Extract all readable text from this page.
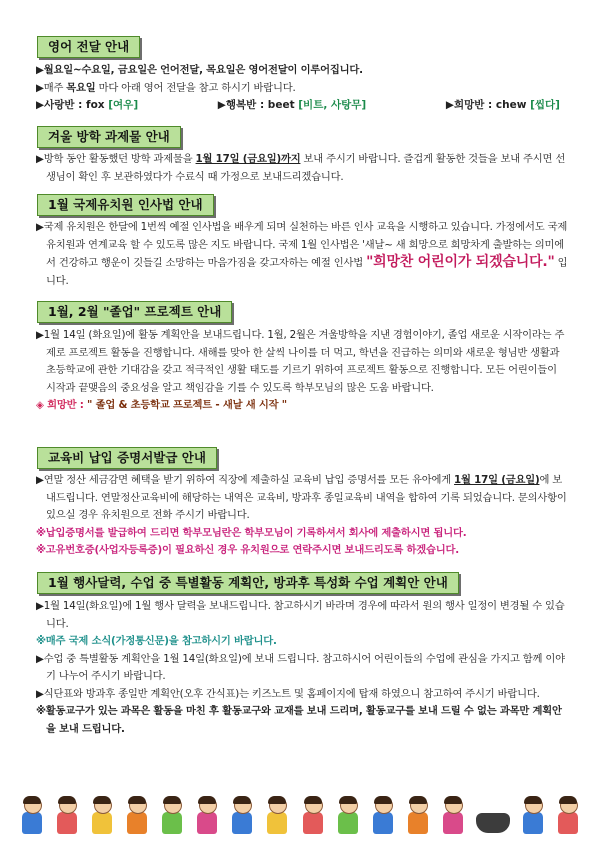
영어 전달 안내

▶월요일~수요일, 금요일은 언어전달, 목요일은 영어전달이 이루어집니다.

▶매주 목요일 마다 아래 영어 전달을 참고 하시기 바랍니다.

▶사랑반 : fox [여우]	▶행복반 : beet [비트, 사탕무]	▶희망반 : chew [씹다]
겨울 방학 과제물 안내

▶방학 동안 활동했던 방학 과제물을 1월 17일 (금요일)까지 보내 주시기 바랍니다. 즐겁게 활동한 것들을 보내 주시면 선생님이 확인 후 보관하였다가 수료식 때 가정으로 보내드리겠습니다.

1월 국제유치원 인사법 안내

▶국제 유치원은 한달에 1번씩 예절 인사법을 배우게 되며 실천하는 바른 인사 교육을 시행하고 있습니다. 가정에서도 국제유치원과 연계교육 할 수 있도록 많은 지도 바랍니다. 국제 1월 인사법은 '새날~ 새 희망으로 희망차게 출발하는 의미에서 건강하고 행운이 깃들길 소망하는 마음가짐을 갖고자하는 예절 인사법 "희망찬 어린이가 되겠습니다." 입니다.

1월, 2월 "졸업" 프로젝트 안내

▶1월 14일 (화요일)에 활동 계획안을 보내드립니다. 1월, 2월은 겨울방학을 지낸 경험이야기, 졸업 새로운 시작이라는 주제로 프로젝트 활동을 진행합니다. 새해를 맞아 한 살씩 나이를 더 먹고, 학년을 진급하는 의미와 새로운 형님반 생활과 초등학교에 관한 기대감을 갖고 적극적인 생활 태도를 기르기 위하여 프로젝트 활동으로 진행합니다. 모든 어린이들이 시작과 끝맺음의 중요성을 알고 책임감을 기를 수 있도록 학부모님의 많은 도움 바랍니다.

◈ 희망반 : " 졸업 & 초등학교 프로젝트 - 새날 새 시작 "

교육비 납입 증명서발급 안내

▶연말 정산 세금감면 혜택을 받기 위하여 직장에 제출하실 교육비 납입 증명서를 모든 유아에게 1월 17일 (금요일)에 보내드립니다. 연말정산교육비에 해당하는 내역은 교육비, 방과후 종일교육비 내역을 합하여 기록 되었습니다. 문의사항이 있으실 경우 유치원으로 전화 주시기 바랍니다.

※납입증명서를 발급하여 드리면 학부모님란은 학부모님이 기록하셔서 회사에 제출하시면 됩니다.

※고유번호증(사업자등록증)이 필요하신 경우 유치원으로 연락주시면 보내드리도록 하겠습니다.

1월 행사달력, 수업 중 특별활동 계획안, 방과후 특성화 수업 계획안 안내

▶1월 14일(화요일)에 1월 행사 달력을 보내드립니다. 참고하시기 바라며 경우에 따라서 원의 행사 일정이 변경될 수 있습니다.

※매주 국제 소식(가정통신문)을 참고하시기 바랍니다.

▶수업 중 특별활동 계획안을 1월 14일(화요일)에 보내 드립니다. 참고하시어 어린이들의 수업에 관심을 가지고 함께 이야기 나누어 주시기 바랍니다.

▶식단표와 방과후 종일반 계획안(오후 간식표)는 키즈노트 및 홈페이지에 탑재 하였으니 참고하여 주시기 바랍니다.

※활동교구가 있는 과목은 활동을 마친 후 활동교구와 교재를 보내 드리며, 활동교구를 보내 드릴 수 없는 과목만 계획안을 보내 드립니다.
